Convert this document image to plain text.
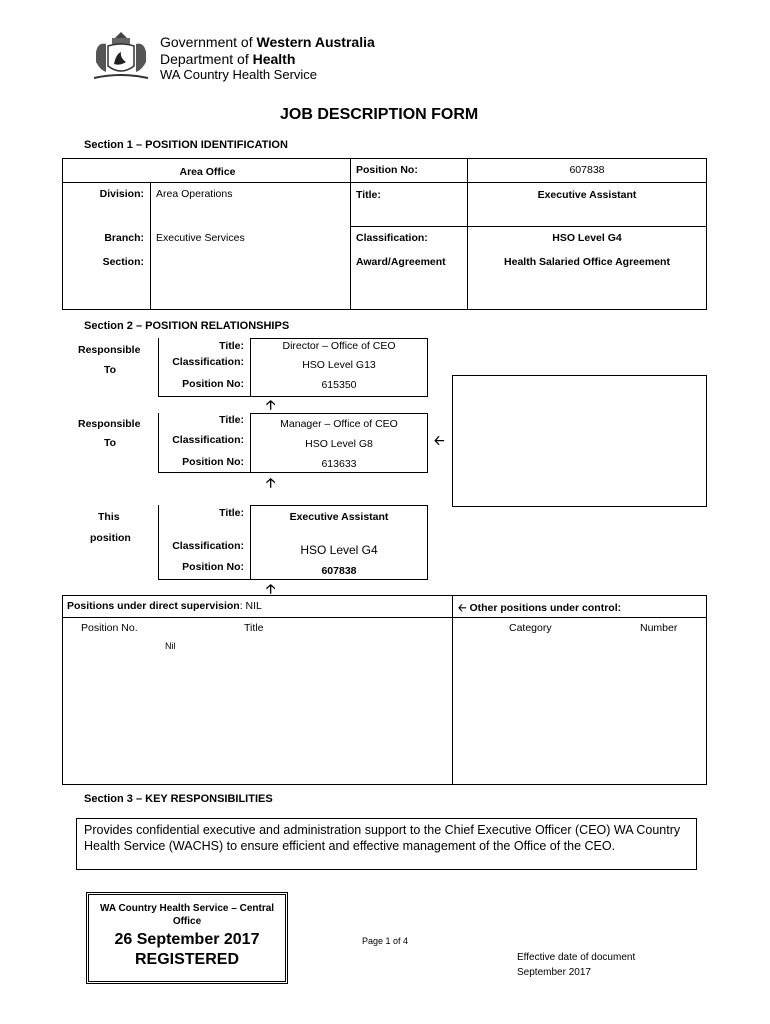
Government of Western Australia
Department of Health
WA Country Health Service
JOB DESCRIPTION FORM
Section 1 – POSITION IDENTIFICATION
Area Office	Position No:	607838
Division: Area Operations	Title:	Executive Assistant
Branch: Executive Services	Classification:	HSO Level G4
Section:	Award/Agreement	Health Salaried Office Agreement
Section 2 – POSITION RELATIONSHIPS
Responsible
To
Responsible
To
This
position
Title:	Director – Office of CEO
Classification:	HSO Level G13
Position No:	615350
🡡
Title:	Manager – Office of CEO
Classification:	HSO Level G8
Position No:	613633
🡠
🡡
Title:	Executive Assistant
Classification:	HSO Level G4
Position No:	607838
🡡
Positions under direct supervision: NIL	🡠 Other positions under control:
Position No.	Title	Category	Number
Nil
Section 3 – KEY RESPONSIBILITIES
Provides confidential executive and administration support to the Chief Executive Officer (CEO) WA Country Health Service (WACHS) to ensure efficient and effective management of the Office of the CEO.
WA Country Health Service – Central Office
26 September 2017
REGISTERED
Page 1 of 4
Effective date of document
September 2017
